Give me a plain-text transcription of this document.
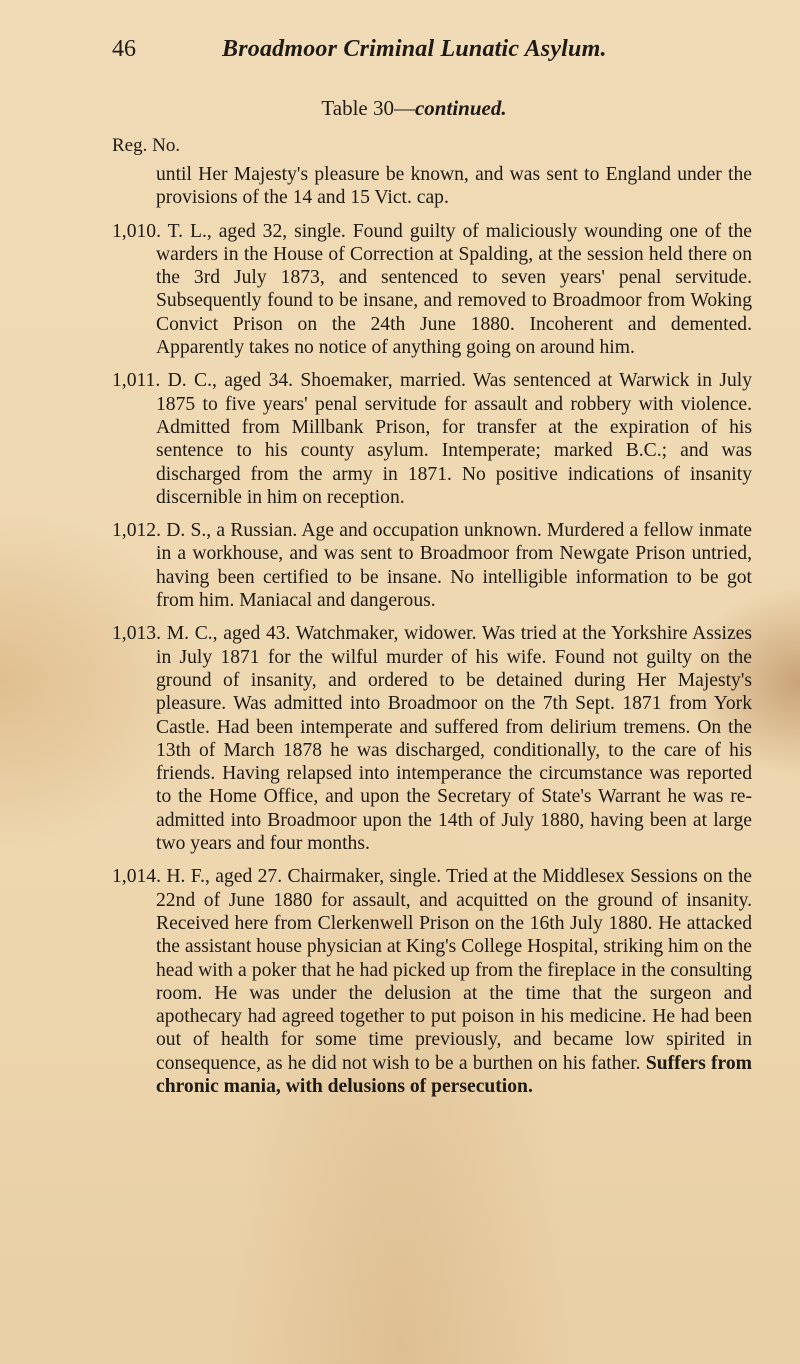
46	Broadmoor Criminal Lunatic Asylum.
Table 30—continued.
Reg. No.

until Her Majesty's pleasure be known, and was sent to England under the provisions of the 14 and 15 Vict. cap.

1,010. T. L., aged 32, single. Found guilty of maliciously wounding one of the warders in the House of Correction at Spalding, at the session held there on the 3rd July 1873, and sentenced to seven years' penal servitude. Subsequently found to be insane, and removed to Broadmoor from Woking Convict Prison on the 24th June 1880. Incoherent and demented. Apparently takes no notice of anything going on around him.

1,011. D. C., aged 34. Shoemaker, married. Was sentenced at Warwick in July 1875 to five years' penal servitude for assault and robbery with violence. Admitted from Millbank Prison, for transfer at the expiration of his sentence to his county asylum. Intemperate; marked B.C.; and was discharged from the army in 1871. No positive indications of insanity discernible in him on reception.

1,012. D. S., a Russian. Age and occupation unknown. Murdered a fellow inmate in a workhouse, and was sent to Broadmoor from Newgate Prison untried, having been certified to be insane. No intelligible information to be got from him. Maniacal and dangerous.

1,013. M. C., aged 43. Watchmaker, widower. Was tried at the Yorkshire Assizes in July 1871 for the wilful murder of his wife. Found not guilty on the ground of insanity, and ordered to be detained during Her Majesty's pleasure. Was admitted into Broadmoor on the 7th Sept. 1871 from York Castle. Had been intemperate and suffered from delirium tremens. On the 13th of March 1878 he was discharged, conditionally, to the care of his friends. Having relapsed into intemperance the circumstance was reported to the Home Office, and upon the Secretary of State's Warrant he was re-admitted into Broadmoor upon the 14th of July 1880, having been at large two years and four months.

1,014. H. F., aged 27. Chairmaker, single. Tried at the Middlesex Sessions on the 22nd of June 1880 for assault, and acquitted on the ground of insanity. Received here from Clerkenwell Prison on the 16th July 1880. He attacked the assistant house physician at King's College Hospital, striking him on the head with a poker that he had picked up from the fireplace in the consulting room. He was under the delusion at the time that the surgeon and apothecary had agreed together to put poison in his medicine. He had been out of health for some time previously, and became low spirited in consequence, as he did not wish to be a burthen on his father. Suffers from chronic mania, with delusions of persecution.
